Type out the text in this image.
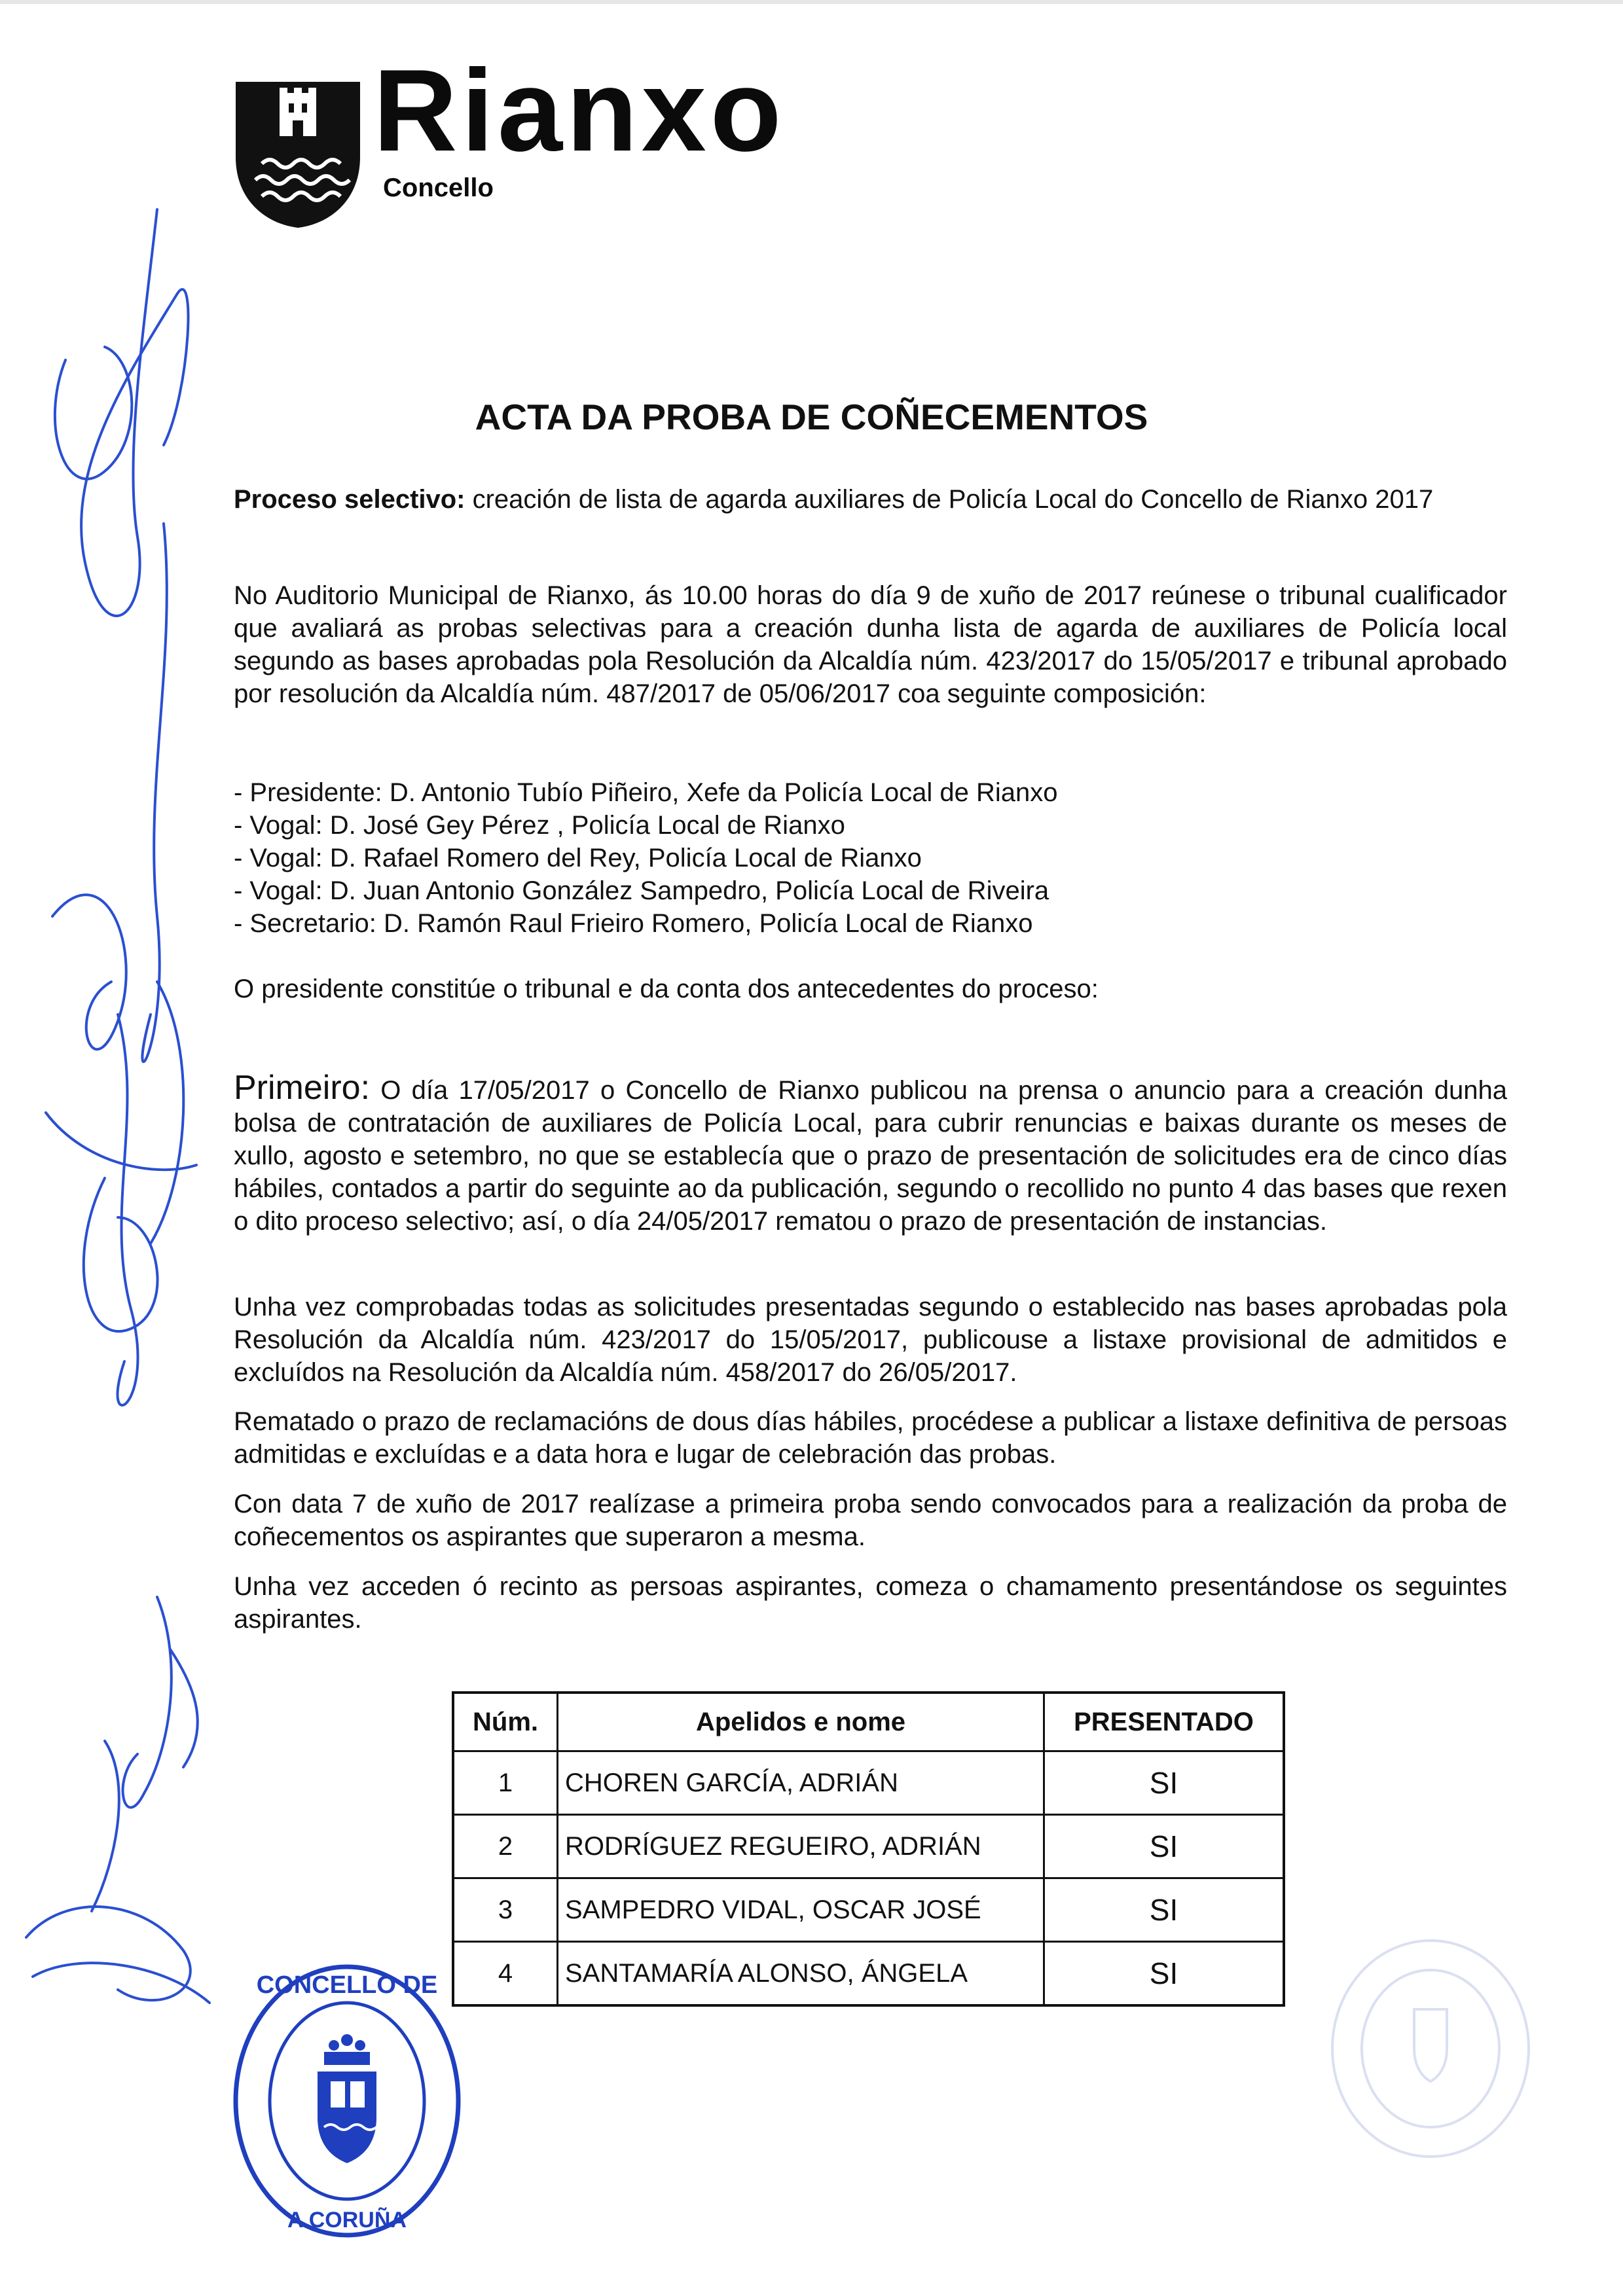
Rianxo
Concello
ACTA DA PROBA DE COÑECEMENTOS

Proceso selectivo: creación de lista de agarda auxiliares de Policía Local do Concello de Rianxo 2017

No Auditorio Municipal de Rianxo, ás 10.00 horas do día 9 de xuño de 2017 reúnese o tribunal cualificador que avaliará as probas selectivas para a creación dunha lista de agarda de auxiliares de Policía local segundo as bases aprobadas pola Resolución da Alcaldía núm. 423/2017 do 15/05/2017 e tribunal aprobado por resolución da Alcaldía núm. 487/2017 de 05/06/2017 coa seguinte composición:

- Presidente: D. Antonio Tubío Piñeiro, Xefe da Policía Local de Rianxo
- Vogal: D. José Gey Pérez , Policía Local de Rianxo
- Vogal: D. Rafael Romero del Rey, Policía Local de Rianxo
- Vogal: D. Juan Antonio González Sampedro, Policía Local de Riveira
- Secretario: D. Ramón Raul Frieiro Romero, Policía Local de Rianxo

O presidente constitúe o tribunal e da conta dos antecedentes do proceso:

Primeiro: O día 17/05/2017 o Concello de Rianxo publicou na prensa o anuncio para a creación dunha bolsa de contratación de auxiliares de Policía Local, para cubrir renuncias e baixas durante os meses de xullo, agosto e setembro, no que se establecía que o prazo de presentación de solicitudes era de cinco días hábiles, contados a partir do seguinte ao da publicación, segundo o recollido no punto 4 das bases que rexen o dito proceso selectivo; así, o día 24/05/2017 rematou o prazo de presentación de instancias.

Unha vez comprobadas todas as solicitudes presentadas segundo o establecido nas bases aprobadas pola Resolución da Alcaldía núm. 423/2017 do 15/05/2017, publicouse a listaxe provisional de admitidos e excluídos na Resolución da Alcaldía núm. 458/2017 do 26/05/2017.

Rematado o prazo de reclamacións de dous días hábiles, procédese a publicar a listaxe definitiva de persoas admitidas e excluídas e a data hora e lugar de celebración das probas.

Con data 7 de xuño de 2017 realízase a primeira proba sendo convocados para a realización da proba de coñecementos os aspirantes que superaron a mesma.

Unha vez acceden ó recinto as persoas aspirantes, comeza o chamamento presentándose os seguintes aspirantes.

Núm.	Apelidos e nome	PRESENTADO
1	CHOREN GARCÍA, ADRIÁN	SI
2	RODRÍGUEZ REGUEIRO, ADRIÁN	SI
3	SAMPEDRO VIDAL, OSCAR JOSÉ	SI
4	SANTAMARÍA ALONSO, ÁNGELA	SI
CONCELLO DE
A CORUÑA
